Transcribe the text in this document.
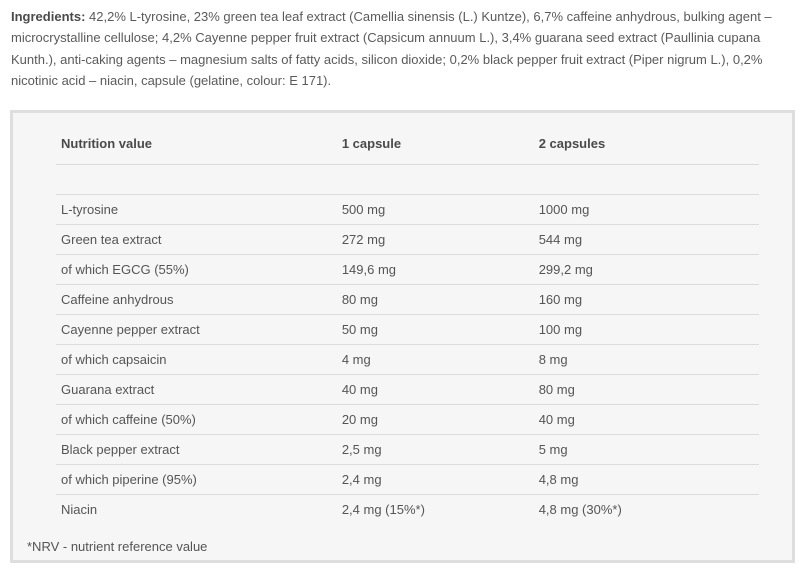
Ingredients: 42,2% L-tyrosine, 23% green tea leaf extract (Camellia sinensis (L.) Kuntze), 6,7% caffeine anhydrous, bulking agent – microcrystalline cellulose; 4,2% Cayenne pepper fruit extract (Capsicum annuum L.), 3,4% guarana seed extract (Paullinia cupana Kunth.), anti-caking agents – magnesium salts of fatty acids, silicon dioxide; 0,2% black pepper fruit extract (Piper nigrum L.), 0,2% nicotinic acid – niacin, capsule (gelatine, colour: E 171).

Nutrition value	1 capsule	2 capsules

L-tyrosine	500 mg	1000 mg
Green tea extract	272 mg	544 mg
of which EGCG (55%)	149,6 mg	299,2 mg
Caffeine anhydrous	80 mg	160 mg
Cayenne pepper extract	50 mg	100 mg
of which capsaicin	4 mg	8 mg
Guarana extract	40 mg	80 mg
of which caffeine (50%)	20 mg	40 mg
Black pepper extract	2,5 mg	5 mg
of which piperine (95%)	2,4 mg	4,8 mg
Niacin	2,4 mg (15%*)	4,8 mg (30%*)

*NRV - nutrient reference value
